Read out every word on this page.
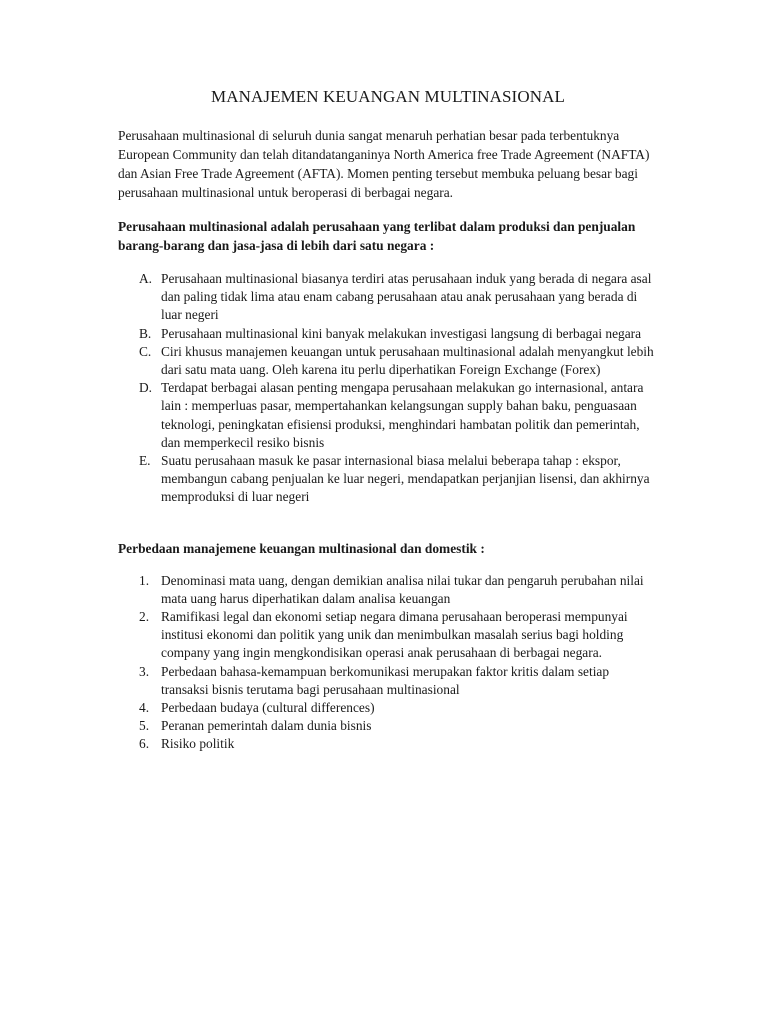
MANAJEMEN KEUANGAN MULTINASIONAL

Perusahaan multinasional di seluruh dunia sangat menaruh perhatian besar pada terbentuknya European Community dan telah ditandatanganinya North America free Trade Agreement (NAFTA) dan Asian Free Trade Agreement (AFTA). Momen penting tersebut membuka peluang besar bagi perusahaan multinasional untuk beroperasi di berbagai negara.

Perusahaan multinasional adalah perusahaan yang terlibat dalam produksi dan penjualan barang-barang dan jasa-jasa di lebih dari satu negara :

A. Perusahaan multinasional biasanya terdiri atas perusahaan induk yang berada di negara asal dan paling tidak lima atau enam cabang perusahaan atau anak perusahaan yang berada di luar negeri
B. Perusahaan multinasional kini banyak melakukan investigasi langsung di berbagai negara
C. Ciri khusus manajemen keuangan untuk perusahaan multinasional adalah menyangkut lebih dari satu mata uang. Oleh karena itu perlu diperhatikan Foreign Exchange (Forex)
D. Terdapat berbagai alasan penting mengapa perusahaan melakukan go internasional, antara lain : memperluas pasar, mempertahankan kelangsungan supply bahan baku, penguasaan teknologi, peningkatan efisiensi produksi, menghindari hambatan politik dan pemerintah, dan memperkecil resiko bisnis
E. Suatu perusahaan masuk ke pasar internasional biasa melalui beberapa tahap : ekspor, membangun cabang penjualan ke luar negeri, mendapatkan perjanjian lisensi, dan akhirnya memproduksi di luar negeri

Perbedaan manajemene keuangan multinasional dan domestik :

1. Denominasi mata uang, dengan demikian analisa nilai tukar dan pengaruh perubahan nilai mata uang harus diperhatikan dalam analisa keuangan
2. Ramifikasi legal dan ekonomi setiap negara dimana perusahaan beroperasi mempunyai institusi ekonomi dan politik yang unik dan menimbulkan masalah serius bagi holding company yang ingin mengkondisikan operasi anak perusahaan di berbagai negara.
3. Perbedaan bahasa-kemampuan berkomunikasi merupakan faktor kritis dalam setiap transaksi bisnis terutama bagi perusahaan multinasional
4. Perbedaan budaya (cultural differences)
5. Peranan pemerintah dalam dunia bisnis
6. Risiko politik
